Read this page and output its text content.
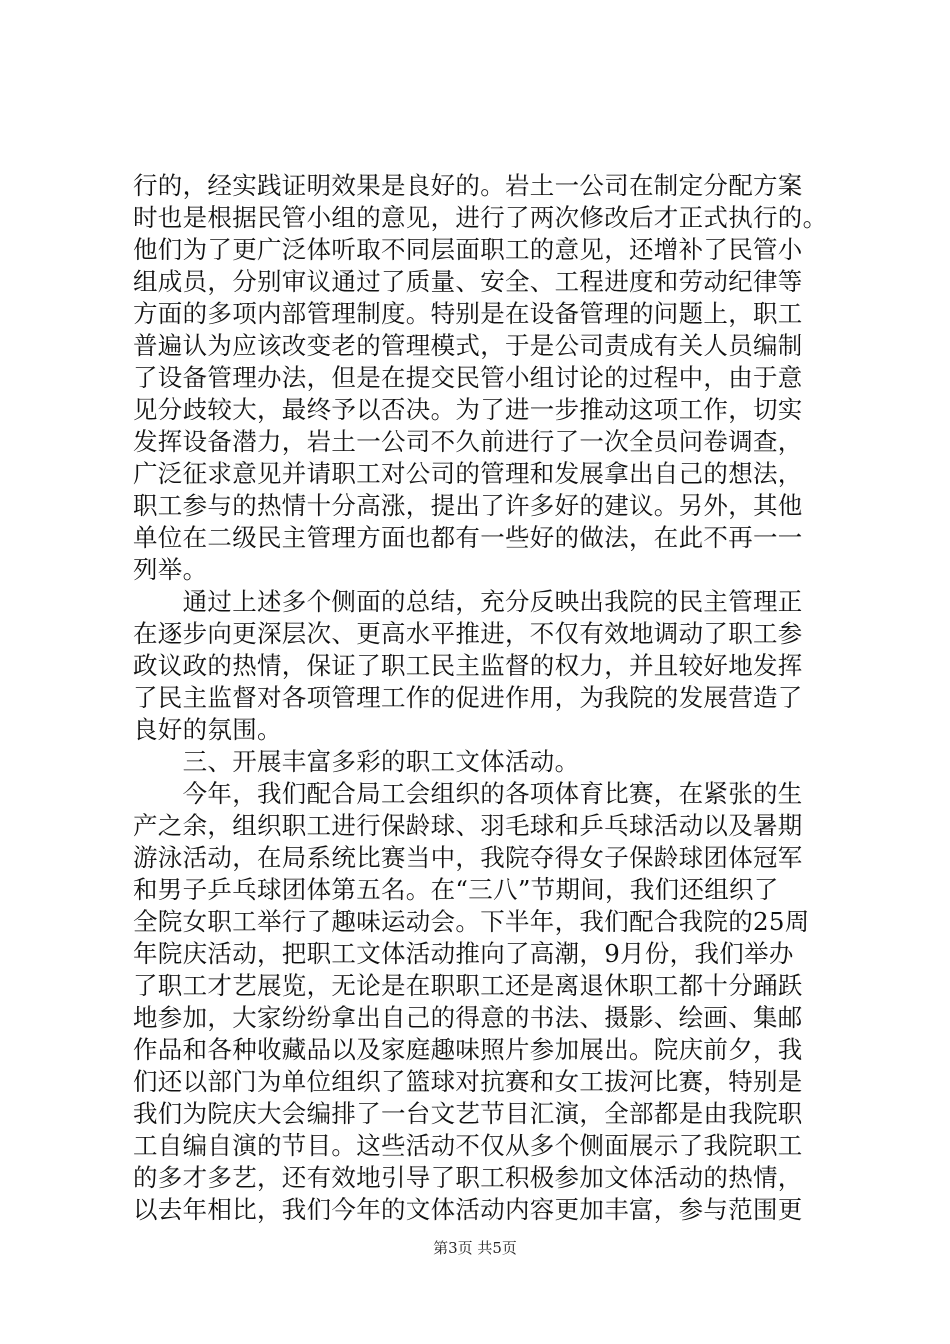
行的，经实践证明效果是良好的。岩土一公司在制定分配方案
时也是根据民管小组的意见，进行了两次修改后才正式执行的。
他们为了更广泛体听取不同层面职工的意见，还增补了民管小
组成员，分别审议通过了质量、安全、工程进度和劳动纪律等
方面的多项内部管理制度。特别是在设备管理的问题上，职工
普遍认为应该改变老的管理模式，于是公司责成有关人员编制
了设备管理办法，但是在提交民管小组讨论的过程中，由于意
见分歧较大，最终予以否决。为了进一步推动这项工作，切实
发挥设备潜力，岩土一公司不久前进行了一次全员问卷调查，
广泛征求意见并请职工对公司的管理和发展拿出自己的想法，
职工参与的热情十分高涨，提出了许多好的建议。另外，其他
单位在二级民主管理方面也都有一些好的做法，在此不再一一
列举。
　　通过上述多个侧面的总结，充分反映出我院的民主管理正
在逐步向更深层次、更高水平推进，不仅有效地调动了职工参
政议政的热情，保证了职工民主监督的权力，并且较好地发挥
了民主监督对各项管理工作的促进作用，为我院的发展营造了
良好的氛围。
　　三、开展丰富多彩的职工文体活动。
　　今年，我们配合局工会组织的各项体育比赛，在紧张的生
产之余，组织职工进行保龄球、羽毛球和乒乓球活动以及暑期
游泳活动，在局系统比赛当中，我院夺得女子保龄球团体冠军
和男子乒乓球团体第五名。在“三八”节期间，我们还组织了
全院女职工举行了趣味运动会。下半年，我们配合我院的25周
年院庆活动，把职工文体活动推向了高潮，9月份，我们举办
了职工才艺展览，无论是在职职工还是离退休职工都十分踊跃
地参加，大家纷纷拿出自己的得意的书法、摄影、绘画、集邮
作品和各种收藏品以及家庭趣味照片参加展出。院庆前夕，我
们还以部门为单位组织了篮球对抗赛和女工拔河比赛，特别是
我们为院庆大会编排了一台文艺节目汇演，全部都是由我院职
工自编自演的节目。这些活动不仅从多个侧面展示了我院职工
的多才多艺，还有效地引导了职工积极参加文体活动的热情，
以去年相比，我们今年的文体活动内容更加丰富，参与范围更
第3页 共5页
